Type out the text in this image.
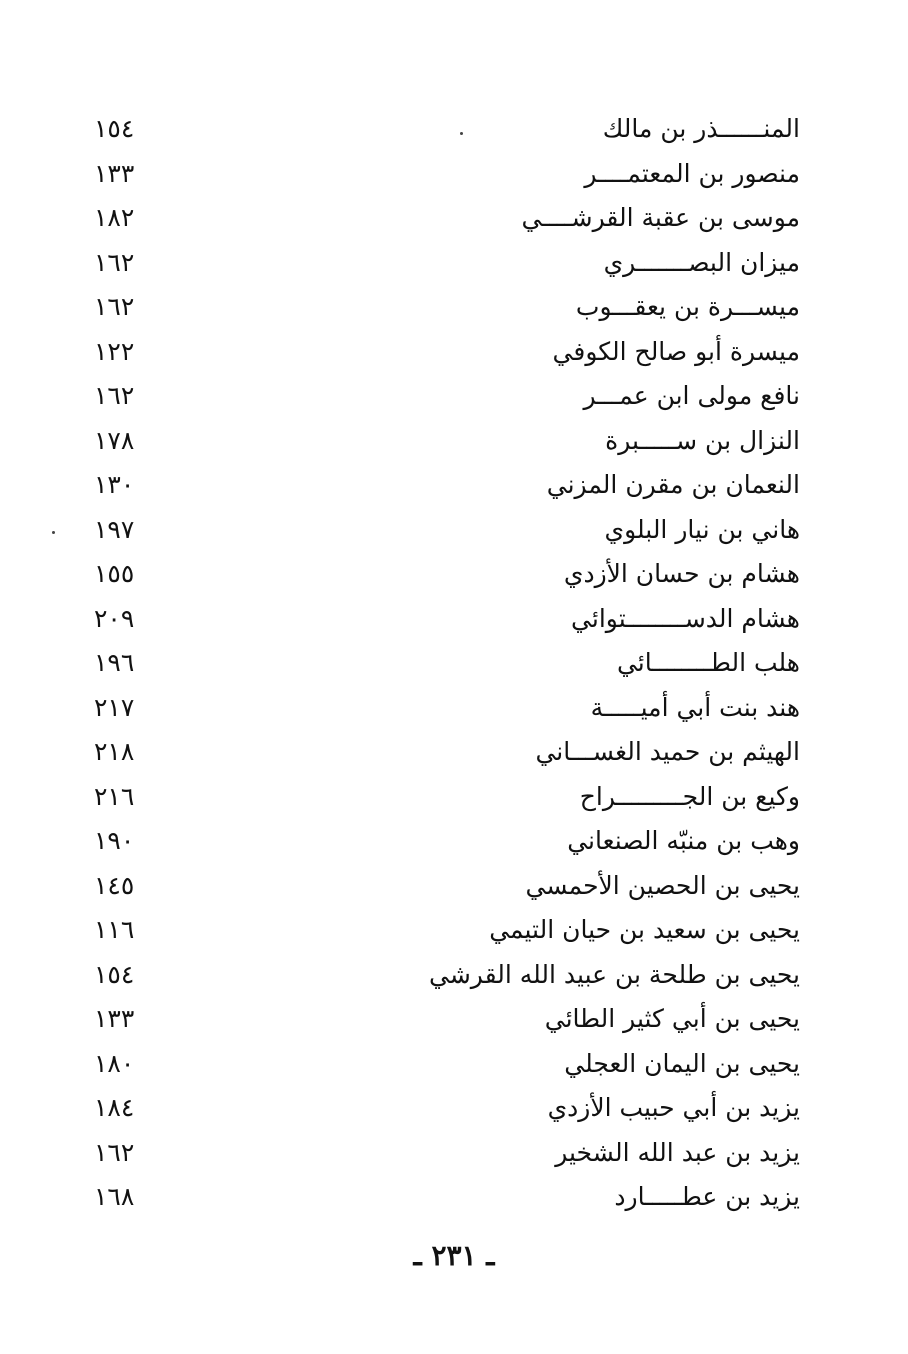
المنــــــذر بن مالك
١٥٤
منصور بن المعتمــــر
١٣٣
موسى بن عقبة القرشــــي
١٨٢
ميزان البصـــــــري
١٦٢
ميســـرة بن يعقـــوب
١٦٢
ميسرة أبو صالح الكوفي
١٢٢
نافع مولى ابن عمـــر
١٦٢
النزال بن ســـــبرة
١٧٨
النعمان بن مقرن المزني
١٣٠
هاني بن نيار البلوي
١٩٧
هشام بن حسان الأزدي
١٥٥
هشام الدســــــــتوائي
٢٠٩
هلب الطــــــــائي
١٩٦
هند بنت أبي أميـــــة
٢١٧
الهيثم بن حميد الغســـاني
٢١٨
وكيع بن الجـــــــــراح
٢١٦
وهب بن منبّه الصنعاني
١٩٠
يحيى بن الحصين الأحمسي
١٤٥
يحيى بن سعيد بن حيان التيمي
١١٦
يحيى بن طلحة بن عبيد الله القرشي
١٥٤
يحيى بن أبي كثير الطائي
١٣٣
يحيى بن اليمان العجلي
١٨٠
يزيد بن أبي حبيب الأزدي
١٨٤
يزيد بن عبد الله الشخير
١٦٢
يزيد بن عطـــــارد
١٦٨
ـ ٢٣١ ـ
